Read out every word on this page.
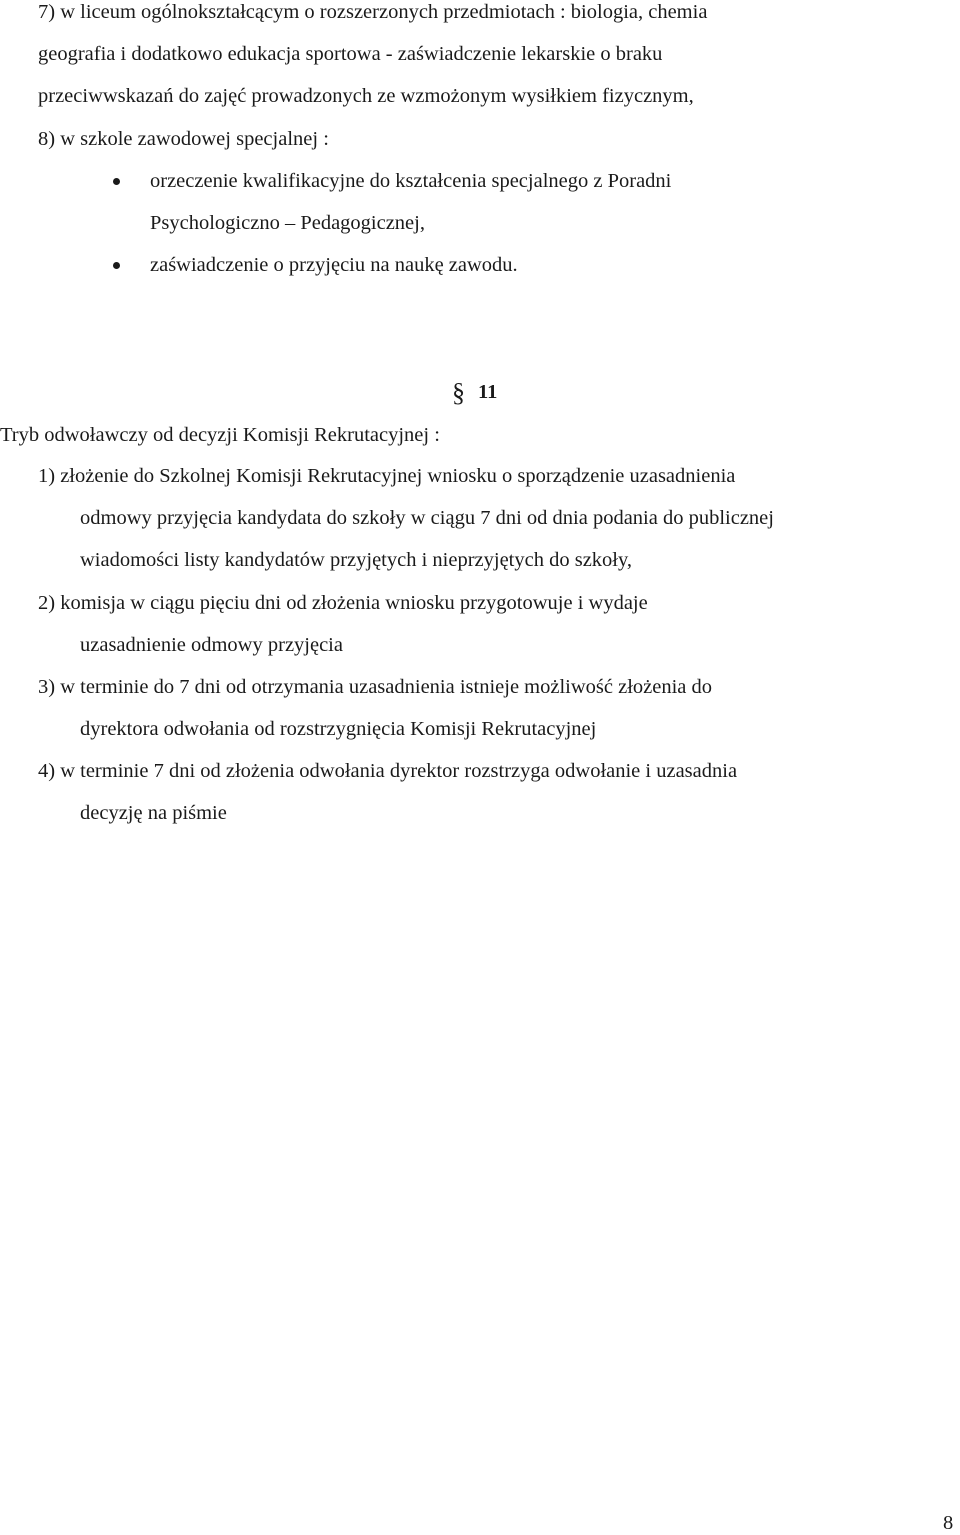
7) w liceum ogólnokształcącym o rozszerzonych przedmiotach : biologia, chemia
geografia i dodatkowo edukacja sportowa - zaświadczenie lekarskie o braku
przeciwwskazań do zajęć prowadzonych ze wzmożonym wysiłkiem fizycznym,
8) w szkole zawodowej specjalnej :
orzeczenie kwalifikacyjne do kształcenia specjalnego z Poradni
Psychologiczno – Pedagogicznej,
zaświadczenie o przyjęciu na naukę zawodu.
§ 11
Tryb odwoławczy od decyzji Komisji Rekrutacyjnej :
1) złożenie do Szkolnej Komisji Rekrutacyjnej wniosku o sporządzenie uzasadnienia
odmowy przyjęcia kandydata do szkoły w ciągu 7 dni od dnia podania do publicznej
wiadomości listy kandydatów przyjętych i nieprzyjętych do szkoły,
2) komisja w ciągu pięciu dni od złożenia wniosku przygotowuje i wydaje
uzasadnienie odmowy przyjęcia
3) w terminie do 7 dni od otrzymania uzasadnienia istnieje możliwość złożenia do
dyrektora odwołania od rozstrzygnięcia Komisji Rekrutacyjnej
4) w terminie 7 dni od złożenia odwołania dyrektor rozstrzyga odwołanie i uzasadnia
decyzję na piśmie
8
